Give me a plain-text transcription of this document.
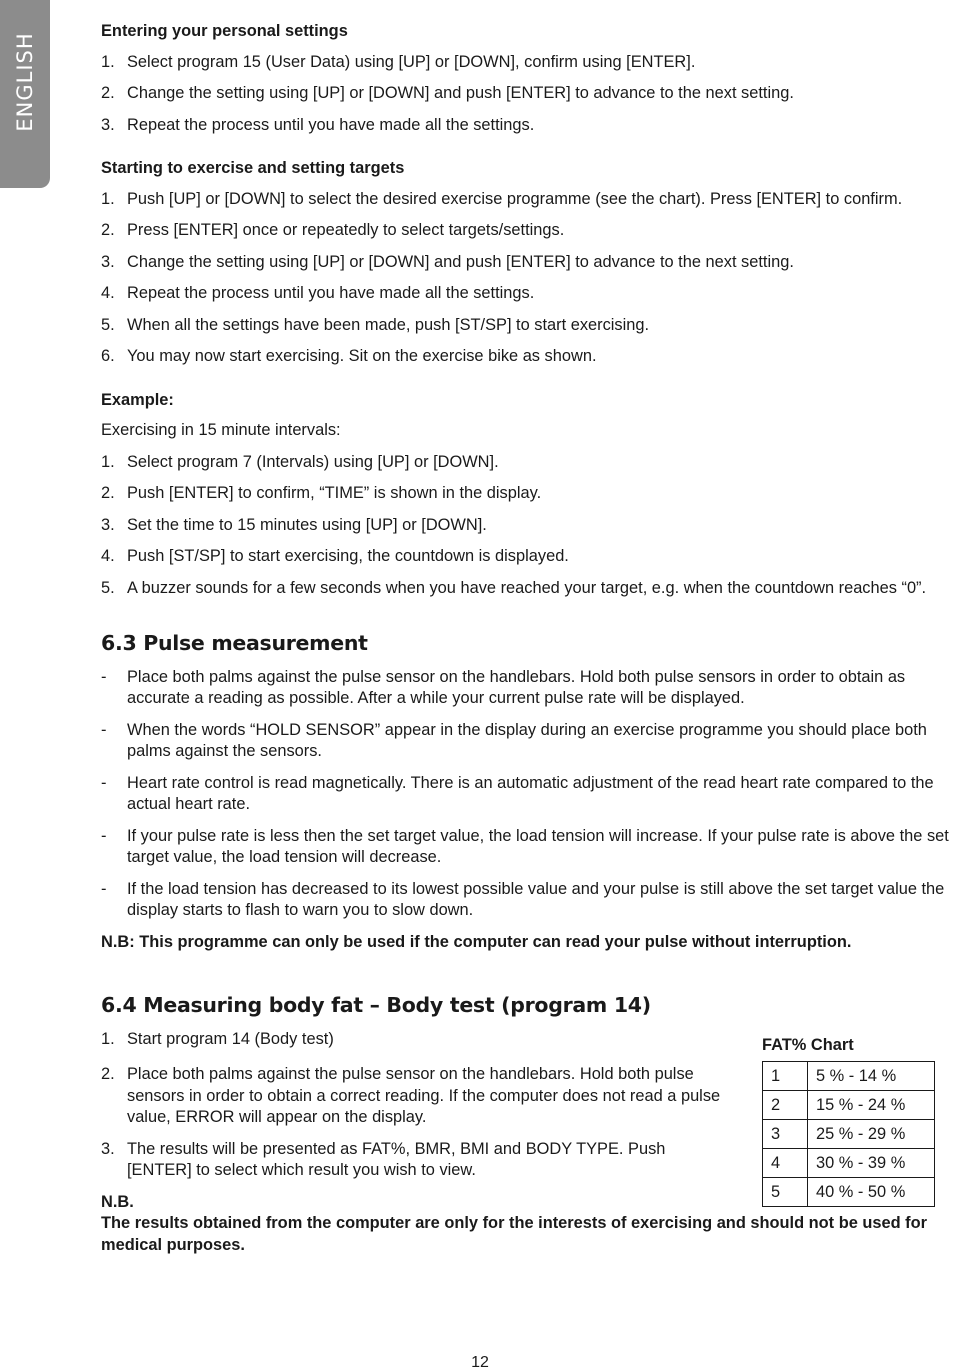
ENGLISH

Entering your personal settings

1. Select program 15 (User Data) using [UP] or [DOWN], confirm using [ENTER].
2. Change the setting using [UP] or [DOWN] and push [ENTER] to advance to the next setting.
3. Repeat the process until you have made all the settings.

Starting to exercise and setting targets

1. Push [UP] or [DOWN] to select the desired exercise programme (see the chart). Press [ENTER] to confirm.
2. Press [ENTER] once or repeatedly to select targets/settings.
3. Change the setting using [UP] or [DOWN] and push [ENTER] to advance to the next setting.
4. Repeat the process until you have made all the settings.
5. When all the settings have been made, push [ST/SP] to start exercising.
6. You may now start exercising. Sit on the exercise bike as shown.

Example:

Exercising in 15 minute intervals:

1. Select program 7 (Intervals) using [UP] or [DOWN].
2. Push [ENTER] to confirm, “TIME” is shown in the display.
3. Set the time to 15 minutes using [UP] or [DOWN].
4. Push [ST/SP] to start exercising, the countdown is displayed.
5. A buzzer sounds for a few seconds when you have reached your target, e.g. when the countdown reaches “0”.
6.3 Pulse measurement
- Place both palms against the pulse sensor on the handlebars. Hold both pulse sensors in order to obtain as accurate a reading as possible. After a while your current pulse rate will be displayed.
- When the words “HOLD SENSOR” appear in the display during an exercise programme you should place both palms against the sensors.
- Heart rate control is read magnetically. There is an automatic adjustment of the read heart rate compared to the actual heart rate.
- If your pulse rate is less then the set target value, the load tension will increase. If your pulse rate is above the set target value, the load tension will decrease.
- If the load tension has decreased to its lowest possible value and your pulse is still above the set target value the display starts to flash to warn you to slow down.

N.B: This programme can only be used if the computer can read your pulse without interruption.

6.4 Measuring body fat – Body test (program 14)
1. Start program 14 (Body test)
2. Place both palms against the pulse sensor on the handlebars. Hold both pulse sensors in order to obtain a correct reading. If the computer does not read a pulse value, ERROR will appear on the display.
3. The results will be presented as FAT%, BMR, BMI and BODY TYPE. Push [ENTER] to select which result you wish to view.

FAT% Chart

1	5 % - 14 %
2	15 % - 24 %
3	25 % - 29 %
4	30 % - 39 %
5	40 % - 50 %

N.B.

The results obtained from the computer are only for the interests of exercising and should not be used for medical purposes.

12
